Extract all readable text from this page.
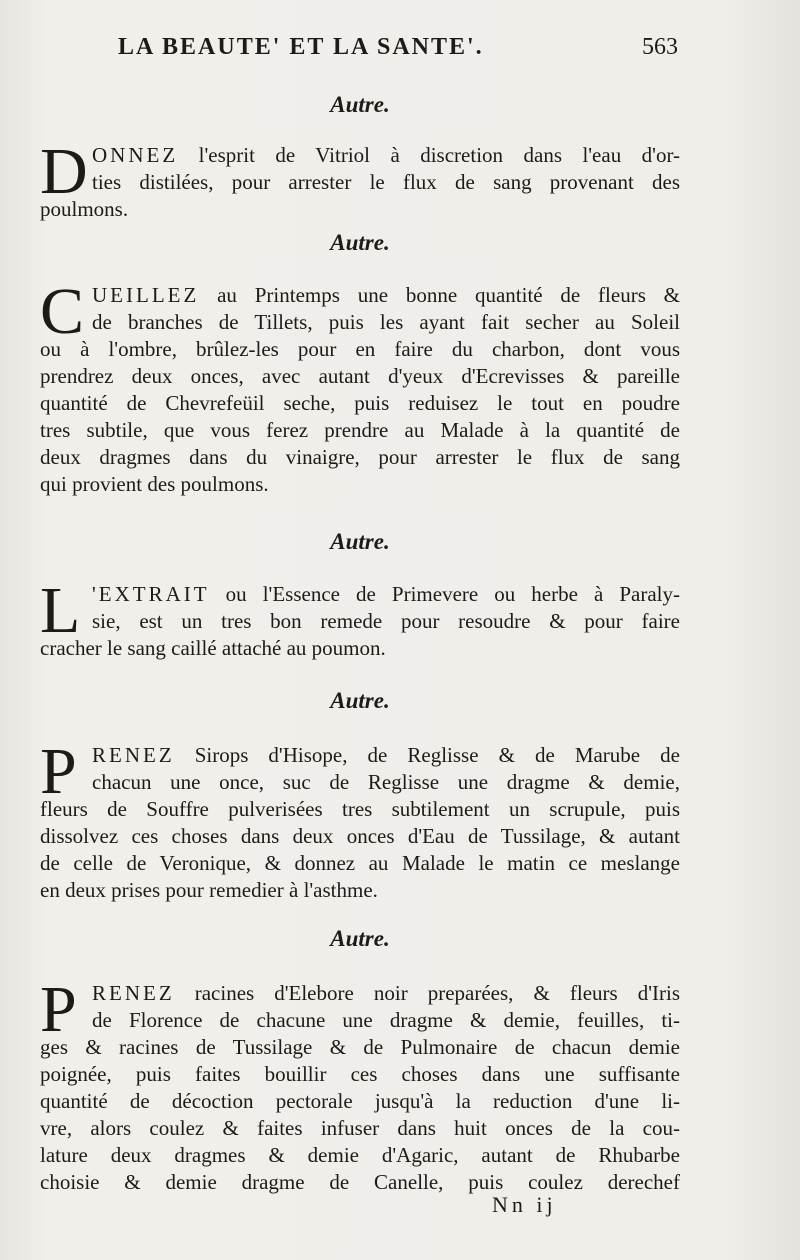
LA BEAUTE' ET LA SANTE'.	563
Autre.
D ONNEZ l'esprit de Vitriol à discretion dans l'eau d'or-
ties distilées, pour arrester le flux de sang provenant des
poulmons.
Autre.
C UEILLEZ au Printemps une bonne quantité de fleurs &
de branches de Tillets, puis les ayant fait secher au Soleil
ou à l'ombre, brûlez-les pour en faire du charbon, dont vous
prendrez deux onces, avec autant d'yeux d'Ecrevisses & pareille
quantité de Chevrefeüil seche, puis reduisez le tout en poudre
tres subtile, que vous ferez prendre au Malade à la quantité de
deux dragmes dans du vinaigre, pour arrester le flux de sang
qui provient des poulmons.
Autre.
L 'EXTRAIT ou l'Essence de Primevere ou herbe à Paraly-
sie, est un tres bon remede pour resoudre & pour faire
cracher le sang caillé attaché au poumon.
Autre.
P RENEZ Sirops d'Hisope, de Reglisse & de Marube de
chacun une once, suc de Reglisse une dragme & demie,
fleurs de Souffre pulverisées tres subtilement un scrupule, puis
dissolvez ces choses dans deux onces d'Eau de Tussilage, & autant
de celle de Veronique, & donnez au Malade le matin ce meslange
en deux prises pour remedier à l'asthme.
Autre.
P RENEZ racines d'Elebore noir preparées, & fleurs d'Iris
de Florence de chacune une dragme & demie, feuilles, ti-
ges & racines de Tussilage & de Pulmonaire de chacun demie
poignée, puis faites bouillir ces choses dans une suffisante
quantité de décoction pectorale jusqu'à la reduction d'une li-
vre, alors coulez & faites infuser dans huit onces de la cou-
lature deux dragmes & demie d'Agaric, autant de Rhubarbe
choisie & demie dragme de Canelle, puis coulez derechef
Nn ij
